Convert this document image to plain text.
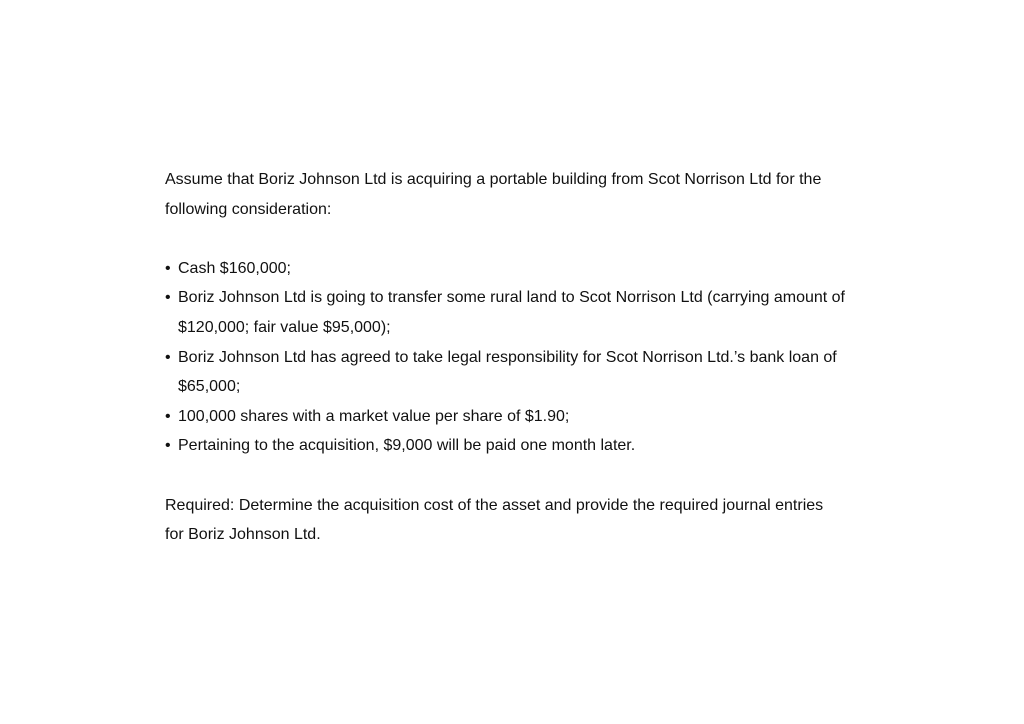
Assume that Boriz Johnson Ltd is acquiring a portable building from Scot Norrison Ltd for the following consideration:

• Cash $160,000;
• Boriz Johnson Ltd is going to transfer some rural land to Scot Norrison Ltd (carrying amount of $120,000; fair value $95,000);
• Boriz Johnson Ltd has agreed to take legal responsibility for Scot Norrison Ltd.’s bank loan of $65,000;
• 100,000 shares with a market value per share of $1.90;
• Pertaining to the acquisition, $9,000 will be paid one month later.

Required: Determine the acquisition cost of the asset and provide the required journal entries for Boriz Johnson Ltd.
